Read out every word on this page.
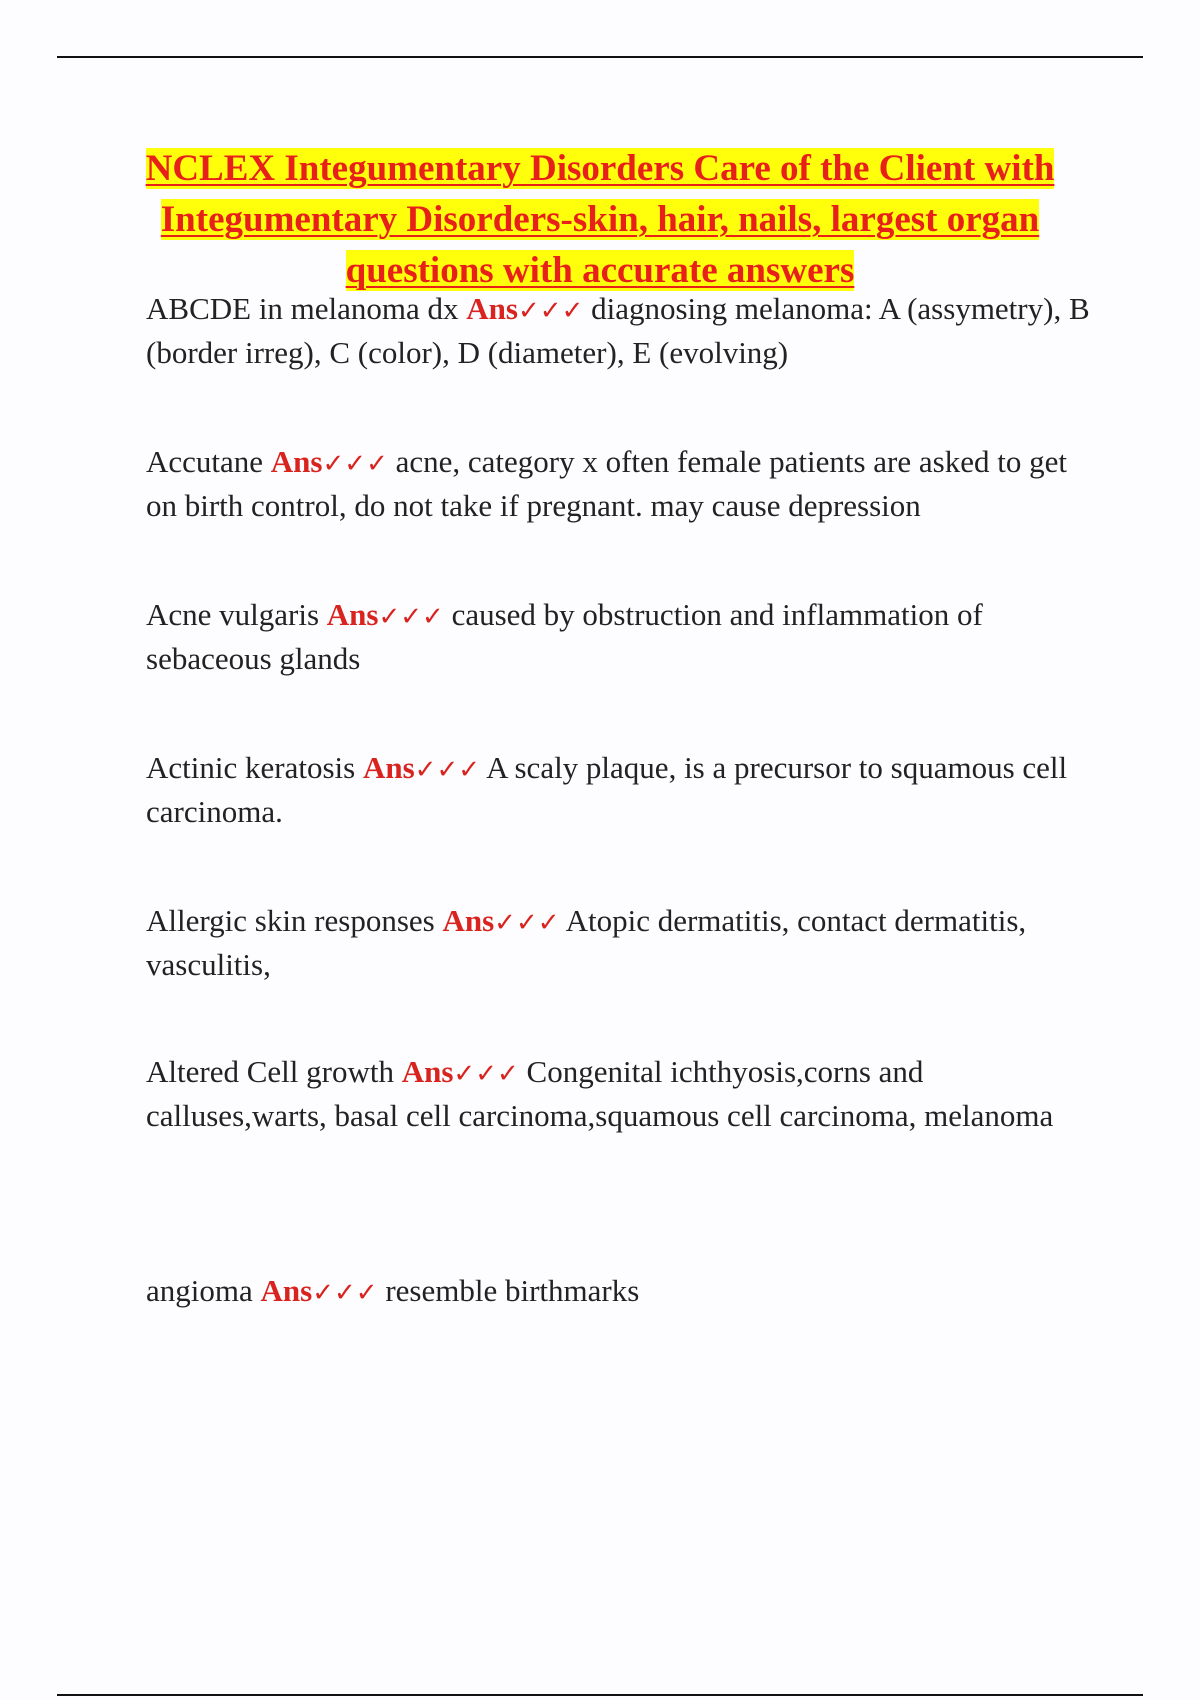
NCLEX Integumentary Disorders Care of the Client with Integumentary Disorders-skin, hair, nails, largest organ questions with accurate answers

ABCDE in melanoma dx Ans✓✓✓ diagnosing melanoma: A (assymetry), B (border irreg), C (color), D (diameter), E (evolving)

Accutane Ans✓✓✓ acne, category x often female patients are asked to get on birth control, do not take if pregnant. may cause depression

Acne vulgaris Ans✓✓✓ caused by obstruction and inflammation of sebaceous glands

Actinic keratosis Ans✓✓✓ A scaly plaque, is a precursor to squamous cell carcinoma.

Allergic skin responses Ans✓✓✓ Atopic dermatitis, contact dermatitis, vasculitis,

Altered Cell growth Ans✓✓✓ Congenital ichthyosis,corns and calluses,warts, basal cell carcinoma,squamous cell carcinoma, melanoma

angioma Ans✓✓✓ resemble birthmarks
